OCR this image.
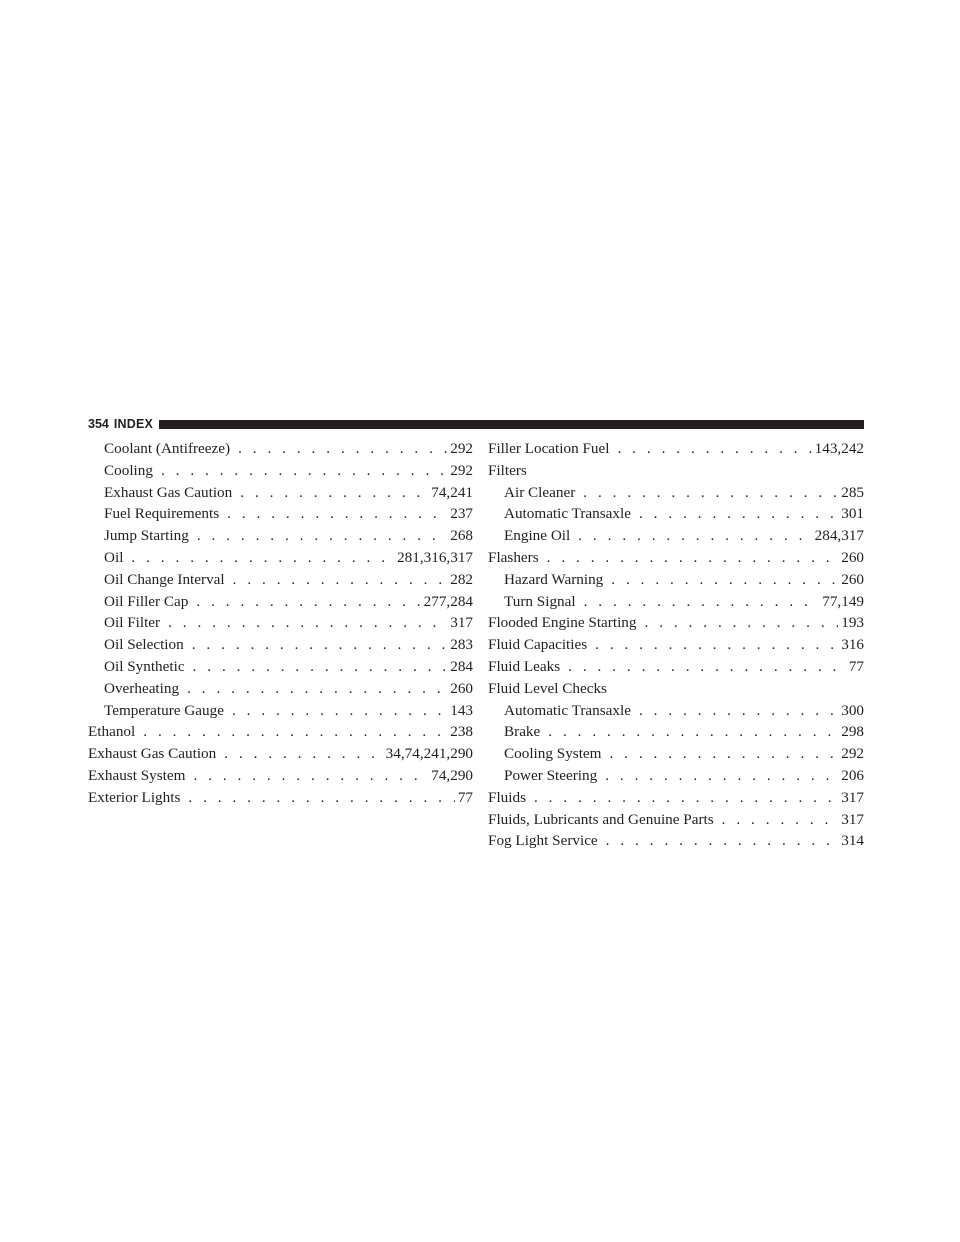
354 INDEX
Coolant (Antifreeze) . . .	292
Cooling . . .	292
Exhaust Gas Caution . . .	74,241
Fuel Requirements . . .	237
Jump Starting . . .	268
Oil . . .	281,316,317
Oil Change Interval . . .	282
Oil Filler Cap . . .	277,284
Oil Filter . . .	317
Oil Selection . . .	283
Oil Synthetic . . .	284
Overheating . . .	260
Temperature Gauge . . .	143
Ethanol . . .	238
Exhaust Gas Caution . . .	34,74,241,290
Exhaust System . . .	74,290
Exterior Lights . . .	77
Filler Location Fuel . . .	143,242
Filters
Air Cleaner . . .	285
Automatic Transaxle . . .	301
Engine Oil . . .	284,317
Flashers . . .	260
Hazard Warning . . .	260
Turn Signal . . .	77,149
Flooded Engine Starting . . .	193
Fluid Capacities . . .	316
Fluid Leaks . . .	77
Fluid Level Checks
Automatic Transaxle . . .	300
Brake . . .	298
Cooling System . . .	292
Power Steering . . .	206
Fluids . . .	317
Fluids, Lubricants and Genuine Parts . . .	317
Fog Light Service . . .	314
